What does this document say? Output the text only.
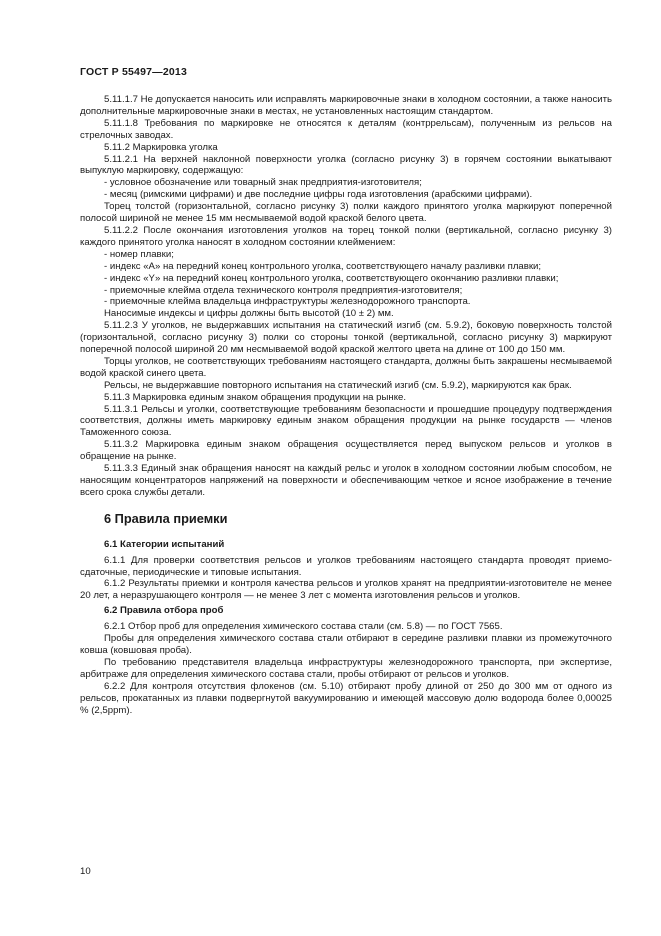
ГОСТ Р 55497—2013
5.11.1.7 Не допускается наносить или исправлять маркировочные знаки в холодном состоянии, а также наносить дополнительные маркировочные знаки в местах, не установленных настоящим стандартом.
5.11.1.8 Требования по маркировке не относятся к деталям (контррельсам), полученным из рельсов на стрелочных заводах.
5.11.2 Маркировка уголка
5.11.2.1 На верхней наклонной поверхности уголка (согласно рисунку 3) в горячем состоянии выкатывают выпуклую маркировку, содержащую:
- условное обозначение или товарный знак предприятия-изготовителя;
- месяц (римскими цифрами) и две последние цифры года изготовления (арабскими цифрами).
Торец толстой (горизонтальной, согласно рисунку 3) полки каждого принятого уголка маркируют поперечной полосой шириной не менее 15 мм несмываемой водой краской белого цвета.
5.11.2.2 После окончания изготовления уголков на торец тонкой полки (вертикальной, согласно рисунку 3) каждого принятого уголка наносят в холодном состоянии клеймением:
- номер плавки;
- индекс «А» на передний конец контрольного уголка, соответствующего началу разливки плавки;
- индекс «Y» на передний конец контрольного уголка, соответствующего окончанию разливки плавки;
- приемочные клейма отдела технического контроля предприятия-изготовителя;
- приемочные клейма владельца инфраструктуры железнодорожного транспорта.
Наносимые индексы и цифры должны быть высотой (10 ± 2) мм.
5.11.2.3 У уголков, не выдержавших испытания на статический изгиб (см. 5.9.2), боковую поверхность толстой (горизонтальной, согласно рисунку 3) полки со стороны тонкой (вертикальной, согласно рисунку 3) маркируют поперечной полосой шириной 20 мм несмываемой водой краской желтого цвета на длине от 100 до 150 мм.
Торцы уголков, не соответствующих требованиям настоящего стандарта, должны быть закрашены несмываемой водой краской синего цвета.
Рельсы, не выдержавшие повторного испытания на статический изгиб (см. 5.9.2), маркируются как брак.
5.11.3 Маркировка единым знаком обращения продукции на рынке.
5.11.3.1 Рельсы и уголки, соответствующие требованиям безопасности и прошедшие процедуру подтверждения соответствия, должны иметь маркировку единым знаком обращения продукции на рынке государств — членов Таможенного союза.
5.11.3.2 Маркировка единым знаком обращения осуществляется перед выпуском рельсов и уголков в обращение на рынке.
5.11.3.3 Единый знак обращения наносят на каждый рельс и уголок в холодном состоянии любым способом, не наносящим концентраторов напряжений на поверхности и обеспечивающим четкое и ясное изображение в течение всего срока службы детали.
6 Правила приемки
6.1 Категории испытаний
6.1.1 Для проверки соответствия рельсов и уголков требованиям настоящего стандарта проводят приемо-сдаточные, периодические и типовые испытания.
6.1.2 Результаты приемки и контроля качества рельсов и уголков хранят на предприятии-изготовителе не менее 20 лет, а неразрушающего контроля — не менее 3 лет с момента изготовления рельсов и уголков.
6.2 Правила отбора проб
6.2.1 Отбор проб для определения химического состава стали (см. 5.8) — по ГОСТ 7565.
Пробы для определения химического состава стали отбирают в середине разливки плавки из промежуточного ковша (ковшовая проба).
По требованию представителя владельца инфраструктуры железнодорожного транспорта, при экспертизе, арбитраже для определения химического состава стали, пробы отбирают от рельсов и уголков.
6.2.2 Для контроля отсутствия флокенов (см. 5.10) отбирают пробу длиной от 250 до 300 мм от одного из рельсов, прокатанных из плавки подвергнутой вакуумированию и имеющей массовую долю водорода более 0,00025 % (2,5ppm).
10
